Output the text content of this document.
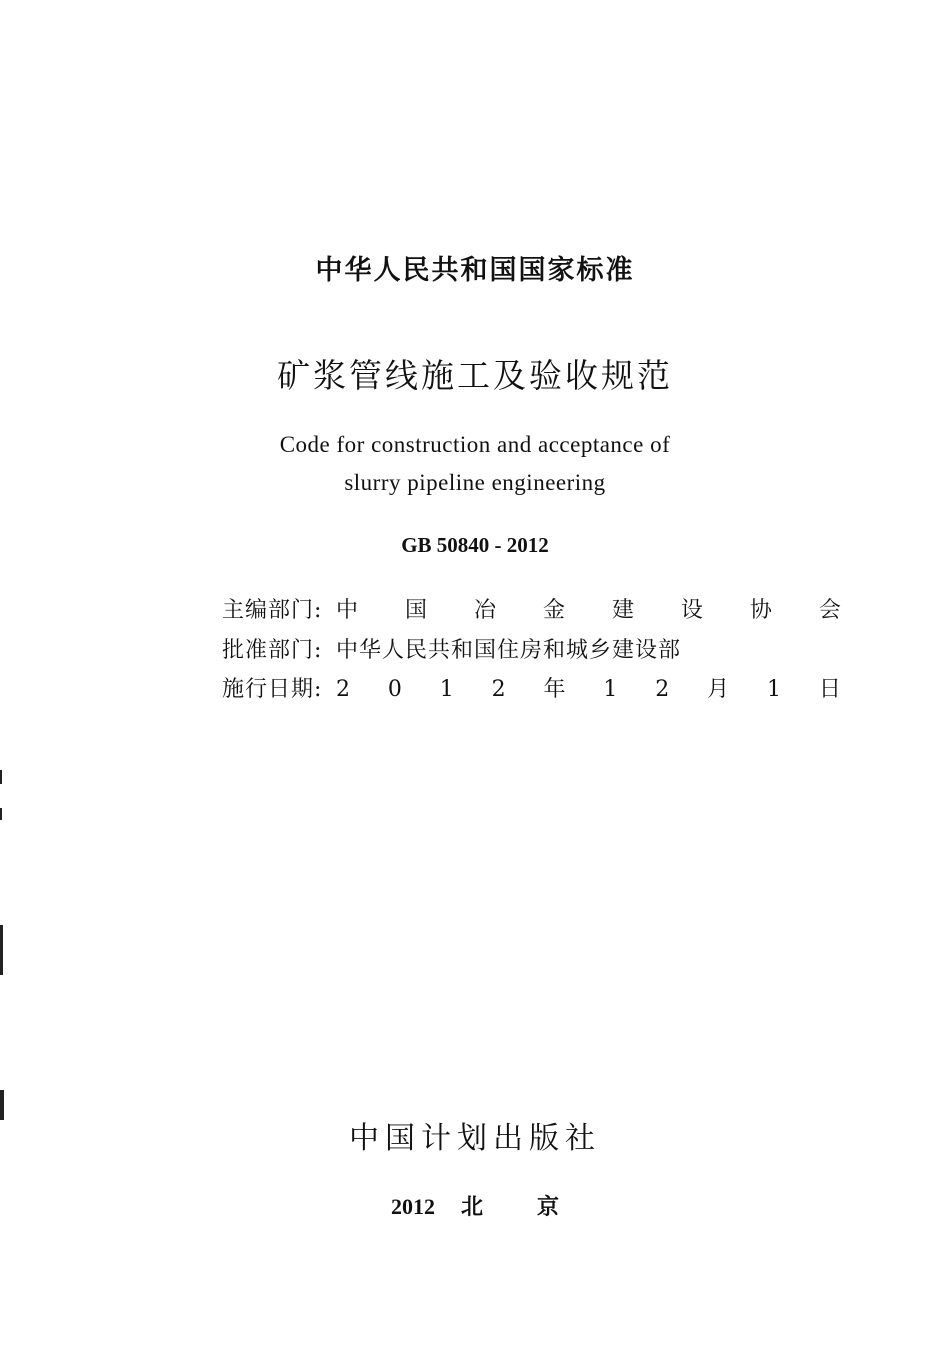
中华人民共和国国家标准
矿浆管线施工及验收规范
Code for construction and acceptance of
slurry pipeline engineering
GB 50840 - 2012
主编部门: 中 国 冶 金 建 设 协 会
批准部门: 中华人民共和国住房和城乡建设部
施行日期: 2 0 1 2 年 1 2 月 1 日
中国计划出版社
2012 北 京
